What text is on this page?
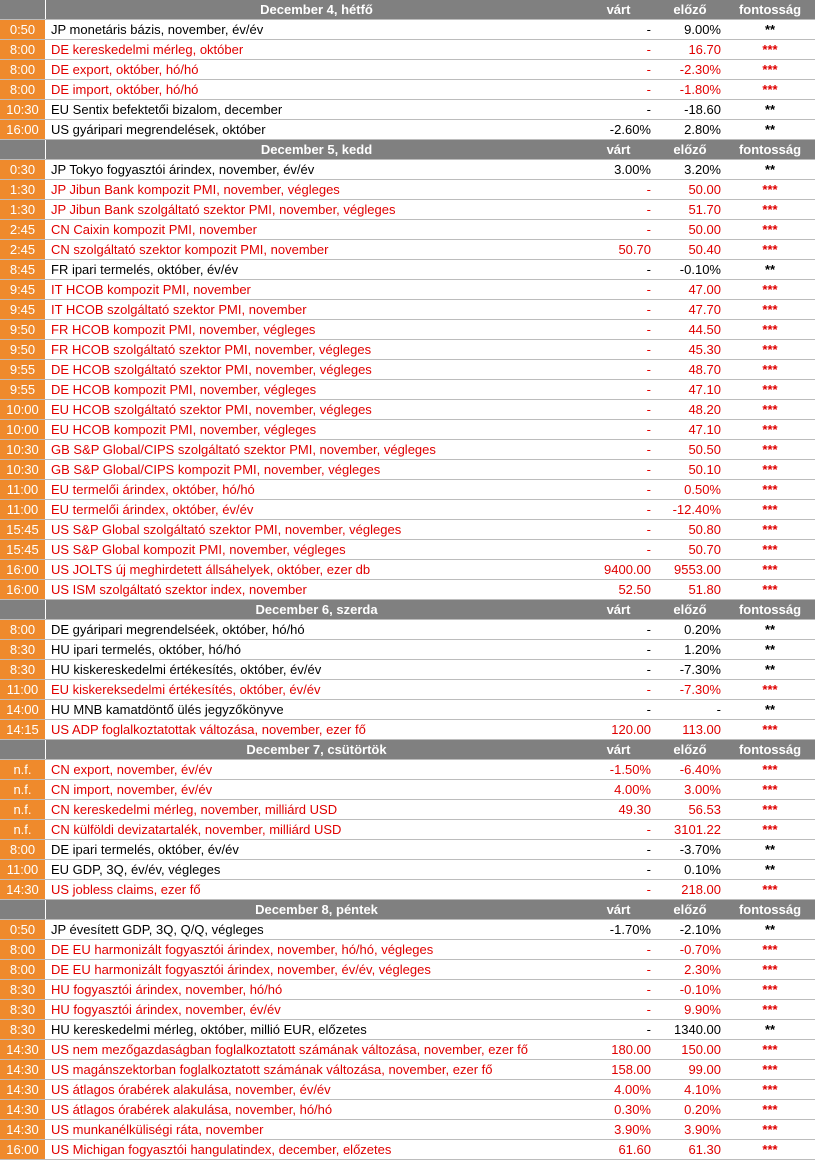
December 4, hétfő	várt	előző	fontosság
0:50	JP monetáris bázis, november, év/év	-	9.00%	**
8:00	DE kereskedelmi mérleg, október	-	16.70	***
8:00	DE export, október, hó/hó	-	-2.30%	***
8:00	DE import, október, hó/hó	-	-1.80%	***
10:30 EU Sentix befektetői bizalom, december	-	-18.60	**
16:00 US gyáripari megrendelések, október	-2.60%	2.80%	**
December 5, kedd	várt	előző	fontosság
0:30	JP Tokyo fogyasztói árindex, november, év/év	3.00%	3.20%	**
1:30	JP Jibun Bank kompozit PMI, november, végleges	-	50.00	***
1:30	JP Jibun Bank szolgáltató szektor PMI, november, végleges	-	51.70	***
2:45	CN Caixin kompozit PMI, november	-	50.00	***
2:45	CN szolgáltató szektor kompozit PMI, november	50.70	50.40	***
8:45	FR ipari termelés, október, év/év	-	-0.10%	**
9:45	IT HCOB kompozit PMI, november	-	47.00	***
9:45	IT HCOB szolgáltató szektor PMI, november	-	47.70	***
9:50	FR HCOB kompozit PMI, november, végleges	-	44.50	***
9:50	FR HCOB szolgáltató szektor PMI, november, végleges	-	45.30	***
9:55	DE HCOB szolgáltató szektor PMI, november, végleges	-	48.70	***
9:55	DE HCOB kompozit PMI, november, végleges	-	47.10	***
10:00 EU HCOB szolgáltató szektor PMI, november, végleges	-	48.20	***
10:00 EU HCOB kompozit PMI, november, végleges	-	47.10	***
10:30 GB S&P Global/CIPS szolgáltató szektor PMI, november, végleges	-	50.50	***
10:30 GB S&P Global/CIPS kompozit PMI, november, végleges	-	50.10	***
11:00 EU termelői árindex, október, hó/hó	-	0.50%	***
11:00 EU termelői árindex, október, év/év	-	-12.40%	***
15:45 US S&P Global szolgáltató szektor PMI, november, végleges	-	50.80	***
15:45 US S&P Global kompozit PMI, november, végleges	-	50.70	***
16:00 US JOLTS új meghirdetett állsáhelyek, október, ezer db	9400.00	9553.00	***
16:00 US ISM szolgáltató szektor index, november	52.50	51.80	***
December 6, szerda	várt	előző	fontosság
8:00	DE gyáripari megrendelséek, október, hó/hó	-	0.20%	**
8:30	HU ipari termelés, október, hó/hó	-	1.20%	**
8:30	HU kiskereskedelmi értékesítés, október, év/év	-	-7.30%	**
11:00 EU kiskereksedelmi értékesítés, október, év/év	-	-7.30%	***
14:00 HU MNB kamatdöntő ülés jegyzőkönyve	-	-	**
14:15 US ADP foglalkoztatottak változása, november, ezer fő	120.00	113.00	***
December 7, csütörtök	várt	előző	fontosság
n.f.	CN export, november, év/év	-1.50%	-6.40%	***
n.f.	CN import, november, év/év	4.00%	3.00%	***
n.f.	CN kereskedelmi mérleg, november, milliárd USD	49.30	56.53	***
n.f.	CN külföldi devizatartalék, november, milliárd USD	-	3101.22	***
8:00	DE ipari termelés, október, év/év	-	-3.70%	**
11:00 EU GDP, 3Q, év/év, végleges	-	0.10%	**
14:30 US jobless claims, ezer fő	-	218.00	***
December 8, péntek	várt	előző	fontosság
0:50	JP évesített GDP, 3Q, Q/Q, végleges	-1.70%	-2.10%	**
8:00	DE EU harmonizált fogyasztói árindex, november, hó/hó, végleges	-	-0.70%	***
8:00	DE EU harmonizált fogyasztói árindex, november, év/év, végleges	-	2.30%	***
8:30	HU fogyasztói árindex, november, hó/hó	-	-0.10%	***
8:30	HU fogyasztói árindex, november, év/év	-	9.90%	***
8:30	HU kereskedelmi mérleg, október, millió EUR, előzetes	-	1340.00	**
14:30 US nem mezőgazdaságban foglalkoztatott számának változása, november, ezer fő	180.00	150.00	***
14:30 US magánszektorban foglalkoztatott számának változása, november, ezer fő	158.00	99.00	***
14:30 US átlagos órabérek alakulása, november, év/év	4.00%	4.10%	***
14:30 US átlagos órabérek alakulása, november, hó/hó	0.30%	0.20%	***
14:30 US munkanélküliségi ráta, november	3.90%	3.90%	***
16:00 US Michigan fogyasztói hangulatindex, december, előzetes	61.60	61.30	***
